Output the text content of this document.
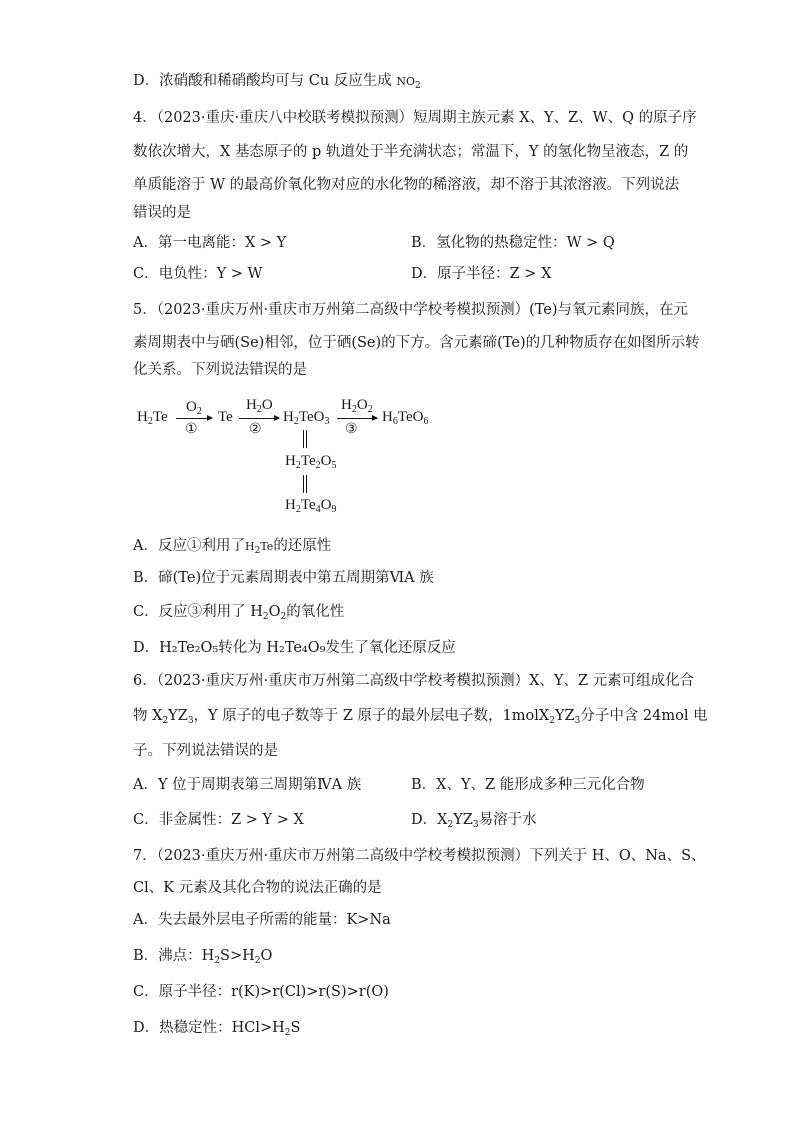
D．浓硝酸和稀硝酸均可与 Cu 反应生成 $NO_2$
4．（2023·重庆·重庆八中校联考模拟预测）短周期主族元素 X、Y、Z、W、Q 的原子序
数依次增大，X 基态原子的 p 轨道处于半充满状态；常温下，Y 的氢化物呈液态，Z 的
单质能溶于 W 的最高价氧化物对应的水化物的稀溶液，却不溶于其浓溶液。下列说法
错误的是
A．第一电离能：X > Y	B．氢化物的热稳定性：W > Q
C．电负性：Y > W	D．原子半径：Z > X
5．（2023·重庆万州·重庆市万州第二高级中学校考模拟预测）(Te)与氧元素同族，在元
素周期表中与硒(Se)相邻，位于硒(Se)的下方。含元素碲(Te)的几种物质存在如图所示转
化关系。下列说法错误的是
$H_2Te$
$O_2$
①
Te
$H_2O$
②
$H_2TeO_3$
$H_2O_2$
③
$H_6TeO_6$
$H_2Te_2O_5$
$H_2Te_4O_9$
A．反应①利用了$H_2Te$的还原性
B．碲(Te)位于元素周期表中第五周期第ⅥA 族
C．反应③利用了 $H_2O_2$的氧化性
D．H₂Te₂O₅转化为 H₂Te₄O₉发生了氧化还原反应
6．（2023·重庆万州·重庆市万州第二高级中学校考模拟预测）X、Y、Z 元素可组成化合
物 $X_2YZ_3$，Y 原子的电子数等于 Z 原子的最外层电子数，$1molX_2YZ_3$分子中含 24mol 电
子。下列说法错误的是
A．Y 位于周期表第三周期第ⅣA 族	B．X、Y、Z 能形成多种三元化合物
C．非金属性：Z > Y > X	D．$X_2YZ_3$易溶于水
7．（2023·重庆万州·重庆市万州第二高级中学校考模拟预测）下列关于 H、O、Na、S、
Cl、K 元素及其化合物的说法正确的是
A．失去最外层电子所需的能量：K>Na
B．沸点：$H_2S>H_2O$
C．原子半径：r(K)>r(Cl)>r(S)>r(O)
D．热稳定性：$HCl>H_2S$
